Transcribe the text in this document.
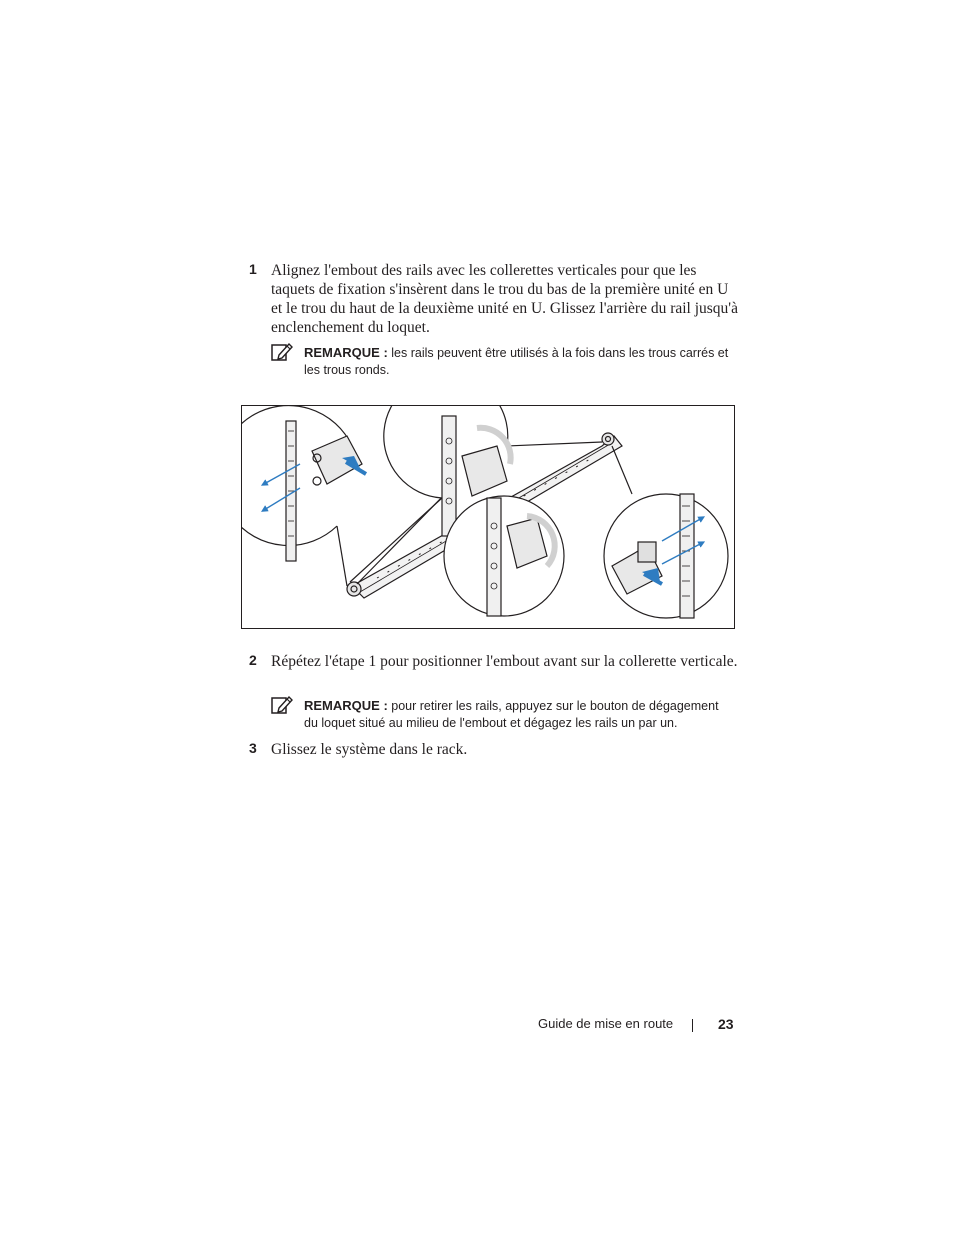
1 Alignez l'embout des rails avec les collerettes verticales pour que les taquets de fixation s'insèrent dans le trou du bas de la première unité en U et le trou du haut de la deuxième unité en U. Glissez l'arrière du rail jusqu'à enclenchement du loquet.
REMARQUE : les rails peuvent être utilisés à la fois dans les trous carrés et les trous ronds.
2 Répétez l'étape 1 pour positionner l'embout avant sur la collerette verticale.
REMARQUE : pour retirer les rails, appuyez sur le bouton de dégagement du loquet situé au milieu de l'embout et dégagez les rails un par un.
3 Glissez le système dans le rack.
Guide de mise en route	23
